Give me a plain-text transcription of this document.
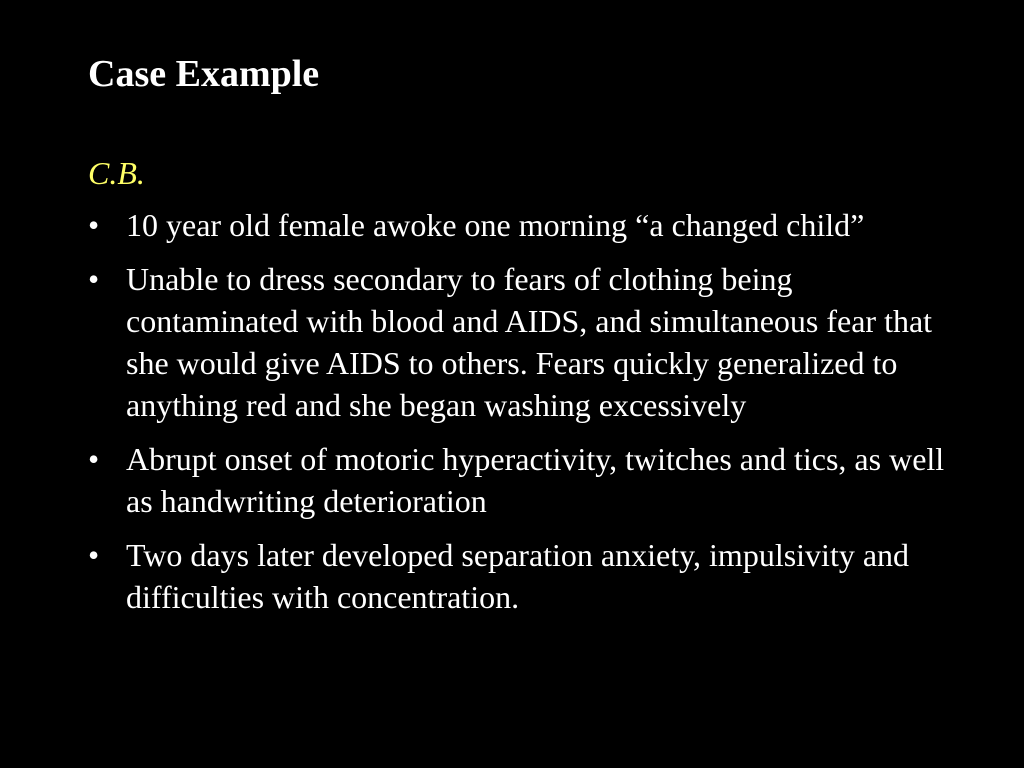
Case Example
C.B.
• 10 year old female awoke one morning “a changed child”
• Unable to dress secondary to fears of clothing being contaminated with blood and AIDS, and simultaneous fear that she would give AIDS to others. Fears quickly generalized to anything red and she began washing excessively
• Abrupt onset of motoric hyperactivity, twitches and tics, as well as handwriting deterioration
• Two days later developed separation anxiety, impulsivity and difficulties with concentration.
